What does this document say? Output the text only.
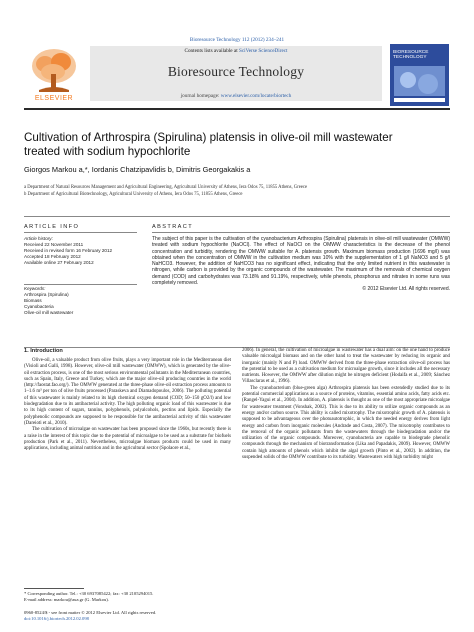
Bioresource Technology 112 (2012) 234–241
Contents lists available at SciVerse ScienceDirect
Bioresource Technology
journal homepage: www.elsevier.com/locate/biortech
ELSEVIER
BIORESOURCE TECHNOLOGY
Cultivation of Arthrospira (Spirulina) platensis in olive-oil mill wastewater treated with sodium hypochlorite
Giorgos Markou a,*, Iordanis Chatzipavlidis b, Dimitris Georgakakis a
a Department of Natural Resources Management and Agricultural Engineering, Agricultural University of Athens, Iera Odos 75, 11855 Athens, Greece
b Department of Agricultural Biotechnology, Agricultural University of Athens, Iera Odos 75, 11855 Athens, Greece
ARTICLE INFO
Article history:
Received 22 November 2011
Received in revised form 16 February 2012
Accepted 18 February 2012
Available online 27 February 2012
Keywords:
Arthrospira (Spirulina)
Biomass
Cyanobacteria
Olive-oil mill wastewater
ABSTRACT

The subject of this paper is the cultivation of the cyanobacterium Arthrospira (Spirulina) platensis in olive-oil mill wastewater (OMWW) treated with sodium hypochlorite (NaOCl). The effect of NaOCl on the OMWW characteristics is the decrease of the phenol concentration and turbidity, rendering the OMWW suitable for A. platensis growth. Maximum biomass production (1696 mg/l) was obtained when the concentration of OMWW in the cultivation medium was 10% with the supplementation of 1 g/l NaNO3 and 5 g/l NaHCO3. However, the addition of NaHCO3 has no significant effect, indicating that the only limited nutrient in this wastewater is nitrogen, while carbon is provided by the organic compounds of the wastewater. The maximum of the removals of chemical oxygen demand (COD) and carbohydrates was 73.18% and 91.19%, respectively, while phenols, phosphorus and nitrates in some runs was completely removed.

© 2012 Elsevier Ltd. All rights reserved.

1. Introduction

Olive-oil, a valuable product from olive fruits, plays a very important role in the Mediterranean diet (Visioli and Galli, 1998). However, olive-oil mill wastewater (OMWW), which is generated by the olive-oil extraction process, is one of the most serious environmental pollutants in the Mediterranean countries, such as Spain, Italy, Greece and Turkey, which are the major olive-oil producing countries in the world (http://faostat.fao.org/). The OMWW generated at the three-phase olive-oil extraction process amounts to 1–1.6 m³ per ton of olive fruits processed (Paraskeva and Diamadopoulos, 2006). The polluting potential of this wastewater is mainly related to its high chemical oxygen demand (COD; 50–150 gO2/l) and low biodegradation due to its antibacterial activity. The high polluting organic load of this wastewater is due to its high content of sugars, tannins, polyphenols, polyalcohols, pectins and lipids. Especially the polyphenolic compounds are supposed to be responsible for the antibacterial activity of this wastewater (Dareioti et al., 2010).

The cultivation of microalgae on wastewater has been proposed since the 1960s, but recently there is a raise in the interest of this topic due to the potential of microalgae to be used as a substrate for biofuels production (Park et al., 2011). Nevertheless, microalgae biomass products could be used in many applications, including animal nutrition and in the agricultural sector (Spolaore et al.,

2006). In general, the cultivation of microalgae in wastewater has a dual aim: on the one hand to produce valuable microalgal biomass and on the other hand to treat the wastewater by reducing its organic and inorganic (mainly N and P) load. OMWW derived from the three-phase extraction olive-oil process has the potential to be used as a cultivation medium for microalgae growth, since it includes all the necessary nutrients. However, the OMWW after dilution might be nitrogen deficient (Hodaifa et al., 2009; Sánchez Villasclaras et al., 1996).

The cyanobacterium (blue-green alga) Arthrospira platensis has been extendedly studied due to its potential commercial applications as a source of proteins, vitamins, essential amino acids, fatty acids etc. (Rangel-Yagui et al., 2004). In addition, A. platensis is thought as one of the most appropriate microalgae for wastewater treatment (Vonshak, 2002). This is due to its ability to utilize organic compounds as an energy and/or carbon source. This ability is called mixotrophy. The mixotrophic growth of A. platensis is supposed to be advantageous over the photoautotrophic, in which the needed energy derives from light energy and carbon from inorganic molecules (Andrade and Costa, 2007). The mixotrophy contributes to the removal of the organic pollutants from the wastewaters through the biodegradation and/or the utilization of the organic compounds. Moreover, cyanobacteria are capable to biodegrade phenolic compounds through the mechanism of biotransformation (Lika and Papadakis, 2009). However, OMWW contain high amounts of phenols which inhibit the algal growth (Pinto et al., 2002). In addition, the suspended solids of the OMWW contribute to its turbidity. Wastewaters with high turbidity might

* Corresponding author. Tel.: +30 6937085422; fax: +30 2105294015.
E-mail address: markou@aua.gr (G. Markou).
0960-8524/$ - see front matter © 2012 Elsevier Ltd. All rights reserved.
doi:10.1016/j.biortech.2012.02.098
